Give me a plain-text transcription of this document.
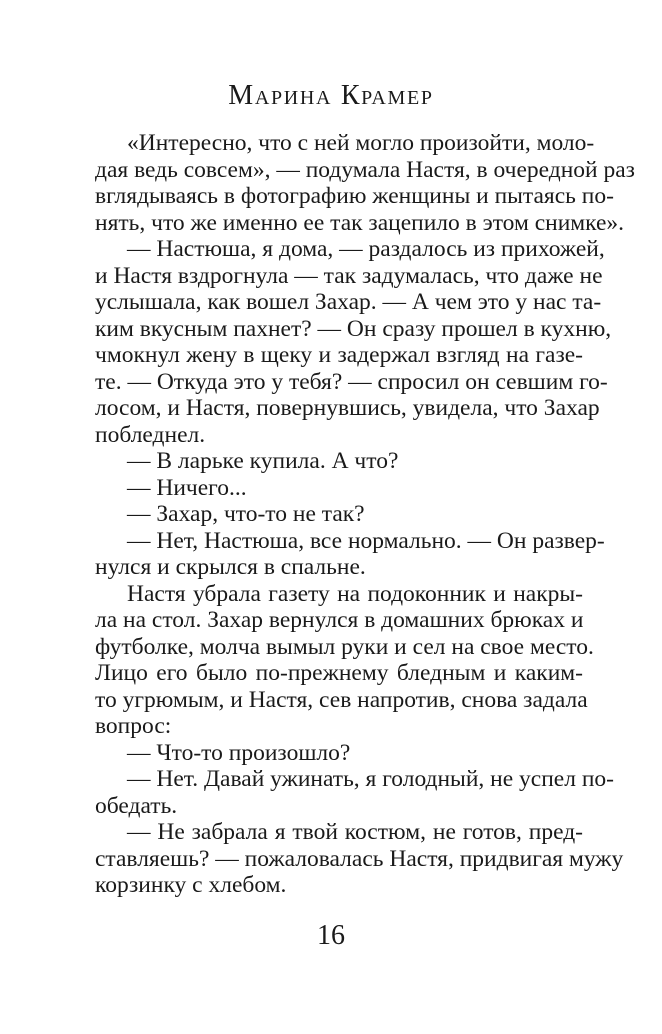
Марина Крамер
«Интересно, что с ней могло произойти, моло-
дая ведь совсем», — подумала Настя, в очередной раз
вглядываясь в фотографию женщины и пытаясь по-
нять, что же именно ее так зацепило в этом снимке».
— Настюша, я дома, — раздалось из прихожей,
и Настя вздрогнула — так задумалась, что даже не
услышала, как вошел Захар. — А чем это у нас та-
ким вкусным пахнет? — Он сразу прошел в кухню,
чмокнул жену в щеку и задержал взгляд на газе-
те. — Откуда это у тебя? — спросил он севшим го-
лосом, и Настя, повернувшись, увидела, что Захар
побледнел.
— В ларьке купила. А что?
— Ничего...
— Захар, что-то не так?
— Нет, Настюша, все нормально. — Он развер-
нулся и скрылся в спальне.
Настя убрала газету на подоконник и накры-
ла на стол. Захар вернулся в домашних брюках и
футболке, молча вымыл руки и сел на свое место.
Лицо его было по-прежнему бледным и каким-
то угрюмым, и Настя, сев напротив, снова задала
вопрос:
— Что-то произошло?
— Нет. Давай ужинать, я голодный, не успел по-
обедать.
— Не забрала я твой костюм, не готов, пред-
ставляешь? — пожаловалась Настя, придвигая мужу
корзинку с хлебом.
16
